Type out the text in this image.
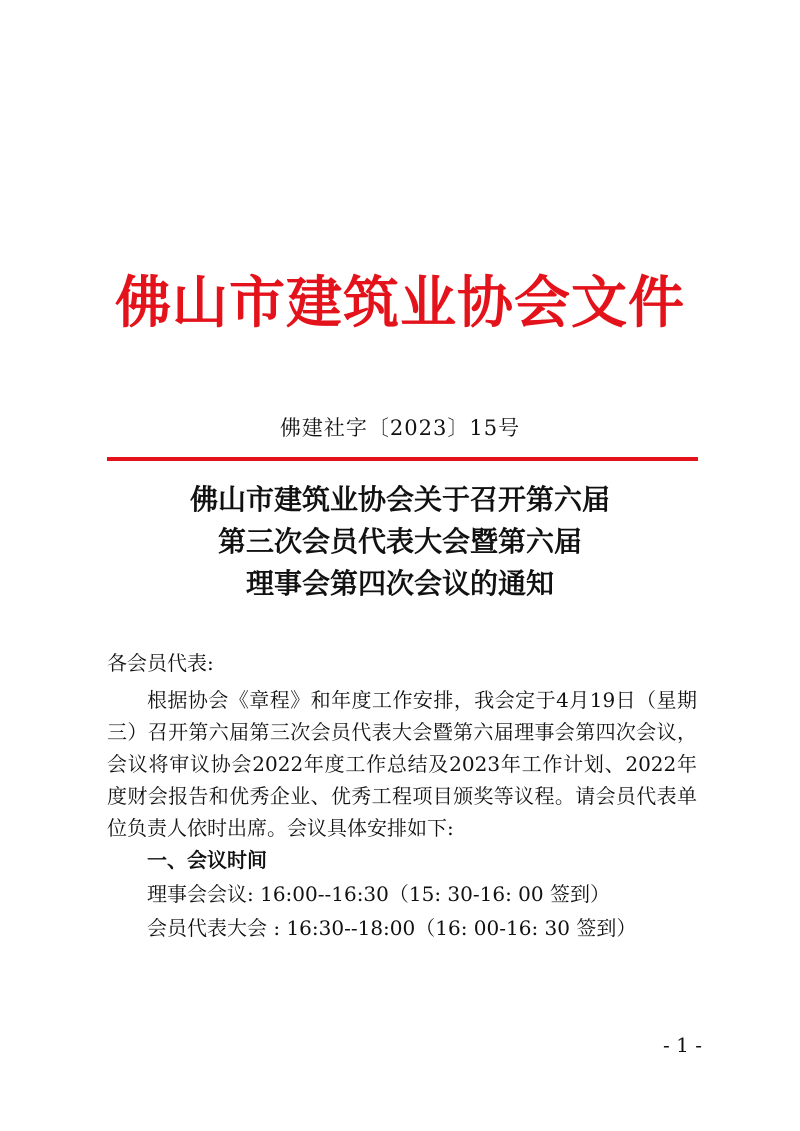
佛山市建筑业协会文件
佛建社字〔2023〕15号
佛山市建筑业协会关于召开第六届
第三次会员代表大会暨第六届
理事会第四次会议的通知

各会员代表:

根据协会《章程》和年度工作安排，我会定于4月19日（星期三）召开第六届第三次会员代表大会暨第六届理事会第四次会议，会议将审议协会2022年度工作总结及2023年工作计划、2022年度财会报告和优秀企业、优秀工程项目颁奖等议程。请会员代表单位负责人依时出席。会议具体安排如下:

一、会议时间

理事会会议: 16:00--16:30（15: 30-16: 00 签到）

会员代表大会 : 16:30--18:00（16: 00-16: 30 签到）

- 1 -
